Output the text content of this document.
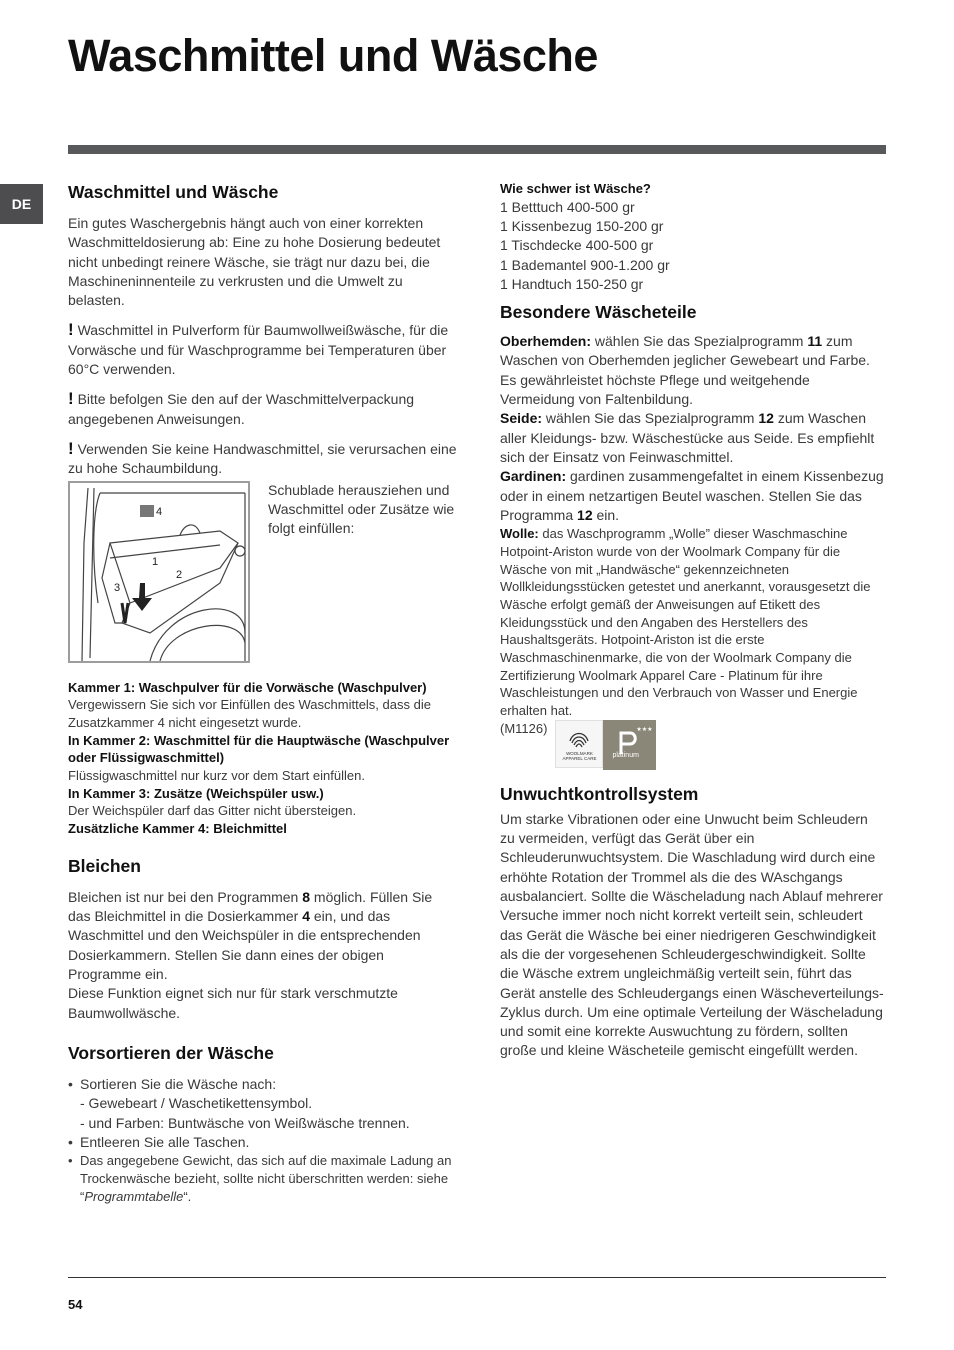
Waschmittel und Wäsche
DE
Waschmittel und Wäsche

Ein gutes Waschergebnis hängt auch von einer korrekten Waschmitteldosierung ab: Eine zu hohe Dosierung bedeutet nicht unbedingt reinere Wäsche, sie trägt nur dazu bei, die Maschineninnenteile zu verkrusten und die Umwelt zu belasten.

! Waschmittel in Pulverform für Baumwollweißwäsche, für die Vorwäsche und für Waschprogramme bei Temperaturen über 60°C verwenden.

! Bitte befolgen Sie den auf der Waschmittelverpackung angegebenen Anweisungen.

! Verwenden Sie keine Handwaschmittel, sie verursachen eine zu hohe Schaumbildung.

4
1
2
3

Schublade herausziehen und Waschmittel oder Zusätze wie folgt einfüllen:

Kammer 1: Waschpulver für die Vorwäsche (Waschpulver)

Vergewissern Sie sich vor Einfüllen des Waschmittels, dass die Zusatzkammer 4 nicht eingesetzt wurde.

In Kammer 2: Waschmittel für die Hauptwäsche (Waschpulver oder Flüssigwaschmittel)

Flüssigwaschmittel nur kurz vor dem Start einfüllen.

In Kammer 3: Zusätze (Weichspüler usw.)

Der Weichspüler darf das Gitter nicht übersteigen.

Zusätzliche Kammer 4: Bleichmittel

Bleichen

Bleichen ist nur bei den Programmen 8 möglich. Füllen Sie das Bleichmittel in die Dosierkammer 4 ein, und das Waschmittel und den Weichspüler in die entsprechenden Dosierkammern. Stellen Sie dann eines der obigen Programme ein.

Diese Funktion eignet sich nur für stark verschmutzte Baumwollwäsche.

Vorsortieren der Wäsche
• Sortieren Sie die Wäsche nach:
- Gewebeart / Waschetikettensymbol.
- und Farben: Buntwäsche von Weißwäsche trennen.
• Entleeren Sie alle Taschen.
• Das angegebene Gewicht, das sich auf die maximale Ladung an Trockenwäsche bezieht, sollte nicht überschritten werden: siehe “Programmtabelle“.

Wie schwer ist Wäsche?

1 Betttuch 400-500 gr

1 Kissenbezug 150-200 gr

1 Tischdecke 400-500 gr

1 Bademantel 900-1.200 gr

1 Handtuch 150-250 gr

Besondere Wäscheteile

Oberhemden: wählen Sie das Spezialprogramm 11 zum Waschen von Oberhemden jeglicher Gewebeart und Farbe.

Es gewährleistet höchste Pflege und weitgehende Vermeidung von Faltenbildung.

Seide: wählen Sie das Spezialprogramm 12 zum Waschen aller Kleidungs- bzw. Wäschestücke aus Seide. Es empfiehlt sich der Einsatz von Feinwaschmittel.

Gardinen: gardinen zusammengefaltet in einem Kissenbezug oder in einem netzartigen Beutel waschen. Stellen Sie das Programma 12 ein.

Wolle: das Waschprogramm „Wolle” dieser Waschmaschine Hotpoint-Ariston wurde von der Woolmark Company für die Wäsche von mit „Handwäsche“ gekennzeichneten Wollkleidungsstücken getestet und anerkannt, vorausgesetzt die Wäsche erfolgt gemäß der Anweisungen auf Etikett des Kleidungsstück und den Angaben des Herstellers des Haushaltsgeräts. Hotpoint-Ariston ist die erste Waschmaschinenmarke, die von der Woolmark Company die Zertifizierung Woolmark Apparel Care - Platinum für ihre Waschleistungen und den Verbrauch von Wasser und Energie erhalten hat.

(M1126)
WOOLMARK APPAREL CARE
★★★
platinum
Unwuchtkontrollsystem

Um starke Vibrationen oder eine Unwucht beim Schleudern zu vermeiden, verfügt das Gerät über ein Schleuderunwuchtsystem. Die Waschladung wird durch eine erhöhte Rotation der Trommel als die des WAschgangs ausbalanciert. Sollte die Wäscheladung nach Ablauf mehrerer Versuche immer noch nicht korrekt verteilt sein, schleudert das Gerät die Wäsche bei einer niedrigeren Geschwindigkeit als die der vorgesehenen Schleudergeschwindigkeit. Sollte die Wäsche extrem ungleichmäßig verteilt sein, führt das Gerät anstelle des Schleudergangs einen Wäscheverteilungs-Zyklus durch. Um eine optimale Verteilung der Wäscheladung und somit eine korrekte Auswuchtung zu fördern, sollten große und kleine Wäscheteile gemischt eingefüllt werden.

54
